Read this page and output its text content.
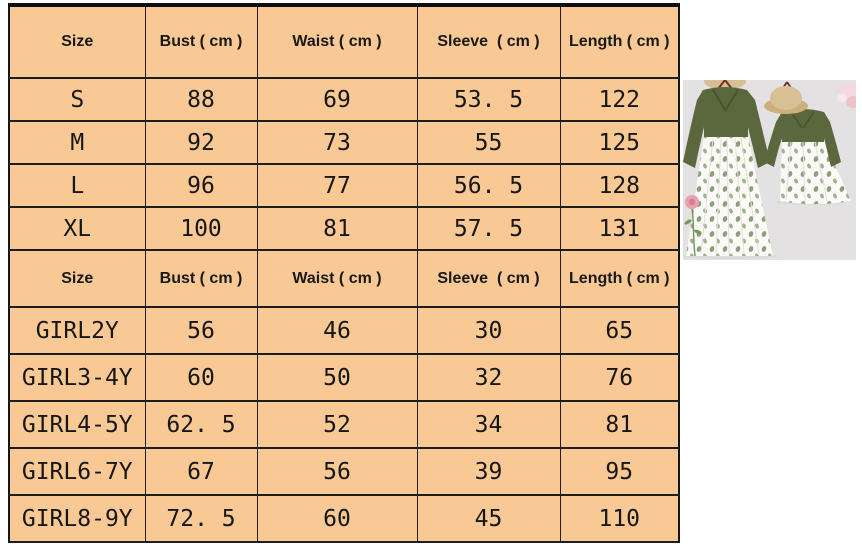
Size	Bust ( cm )	Waist ( cm )	Sleeve  ( cm )	Length ( cm )
S	88	69	53. 5	122
M	92	73	55	125
L	96	77	56. 5	128
XL	100	81	57. 5	131
Size	Bust ( cm )	Waist ( cm )	Sleeve  ( cm )	Length ( cm )
GIRL2Y	56	46	30	65
GIRL3-4Y	60	50	32	76
GIRL4-5Y	62. 5	52	34	81
GIRL6-7Y	67	56	39	95
GIRL8-9Y	72. 5	60	45	110
